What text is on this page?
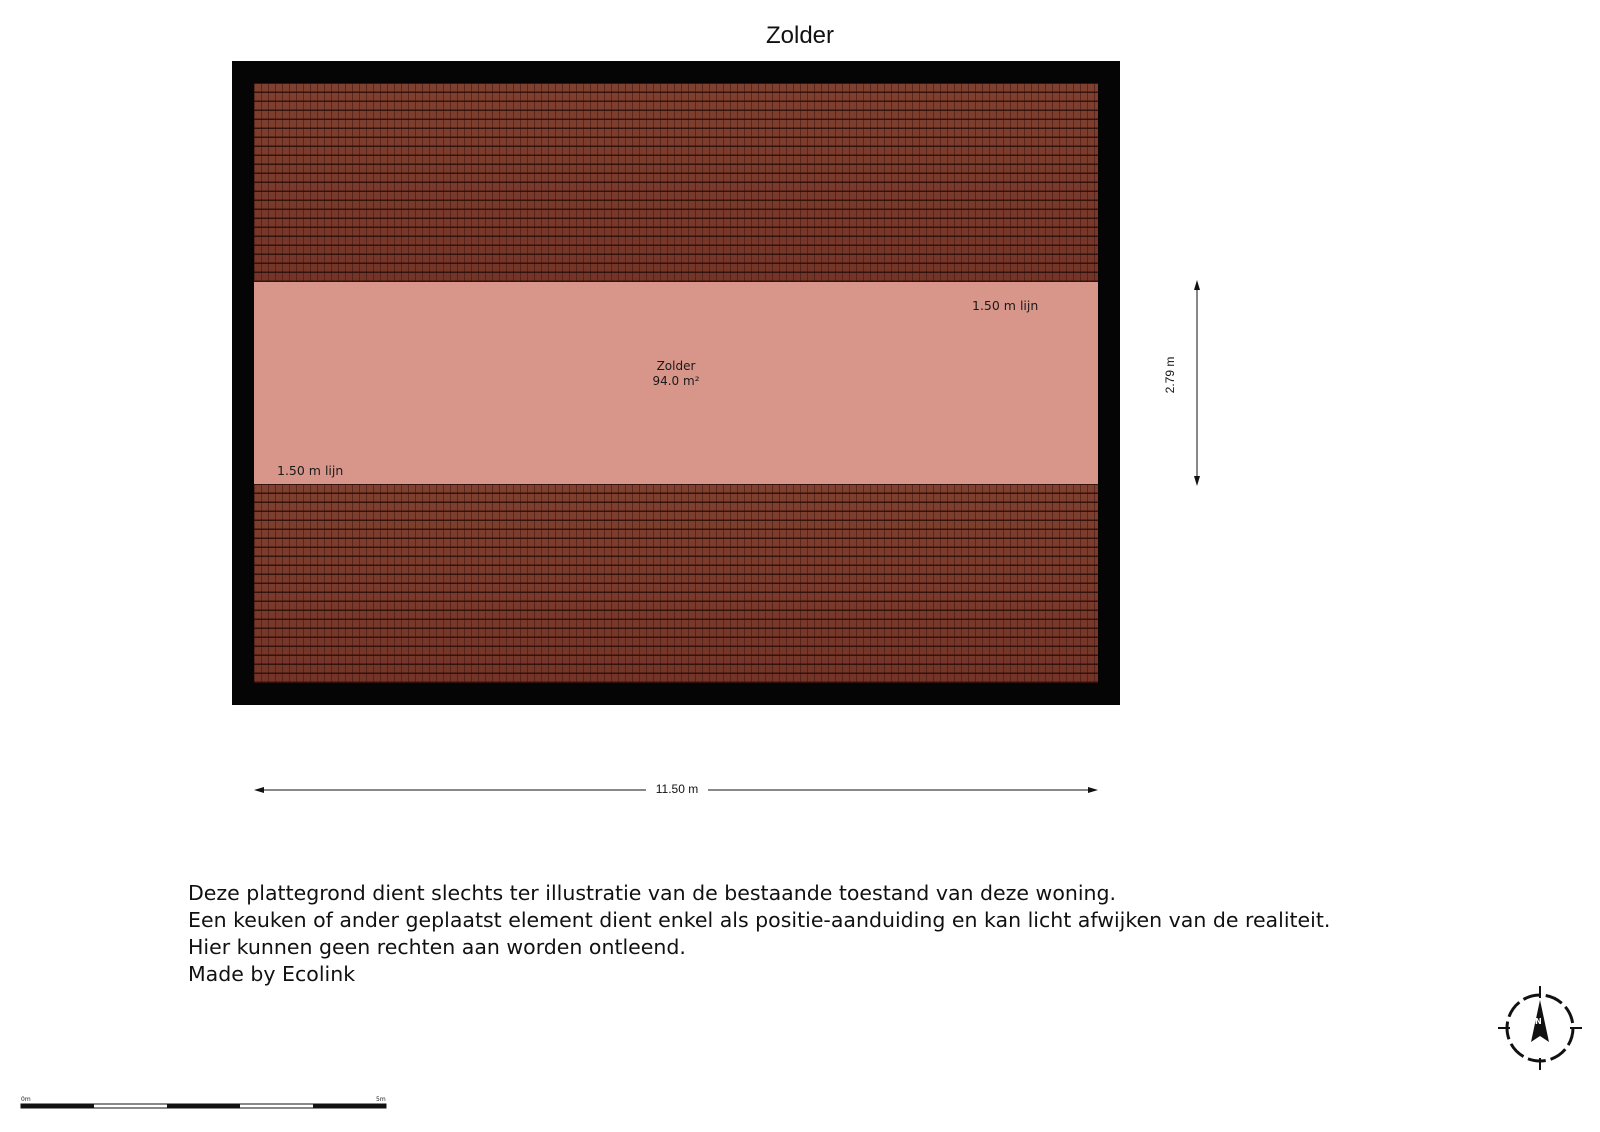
Zolder
Zolder
94.0 m²
1.50 m lijn
1.50 m lijn
11.50 m
2.79 m
N
Deze plattegrond dient slechts ter illustratie van de bestaande toestand van deze woning.
Een keuken of ander geplaatst element dient enkel als positie-aanduiding en kan licht afwijken van de realiteit.
Hier kunnen geen rechten aan worden ontleend.
Made by Ecolink
0m	5m
